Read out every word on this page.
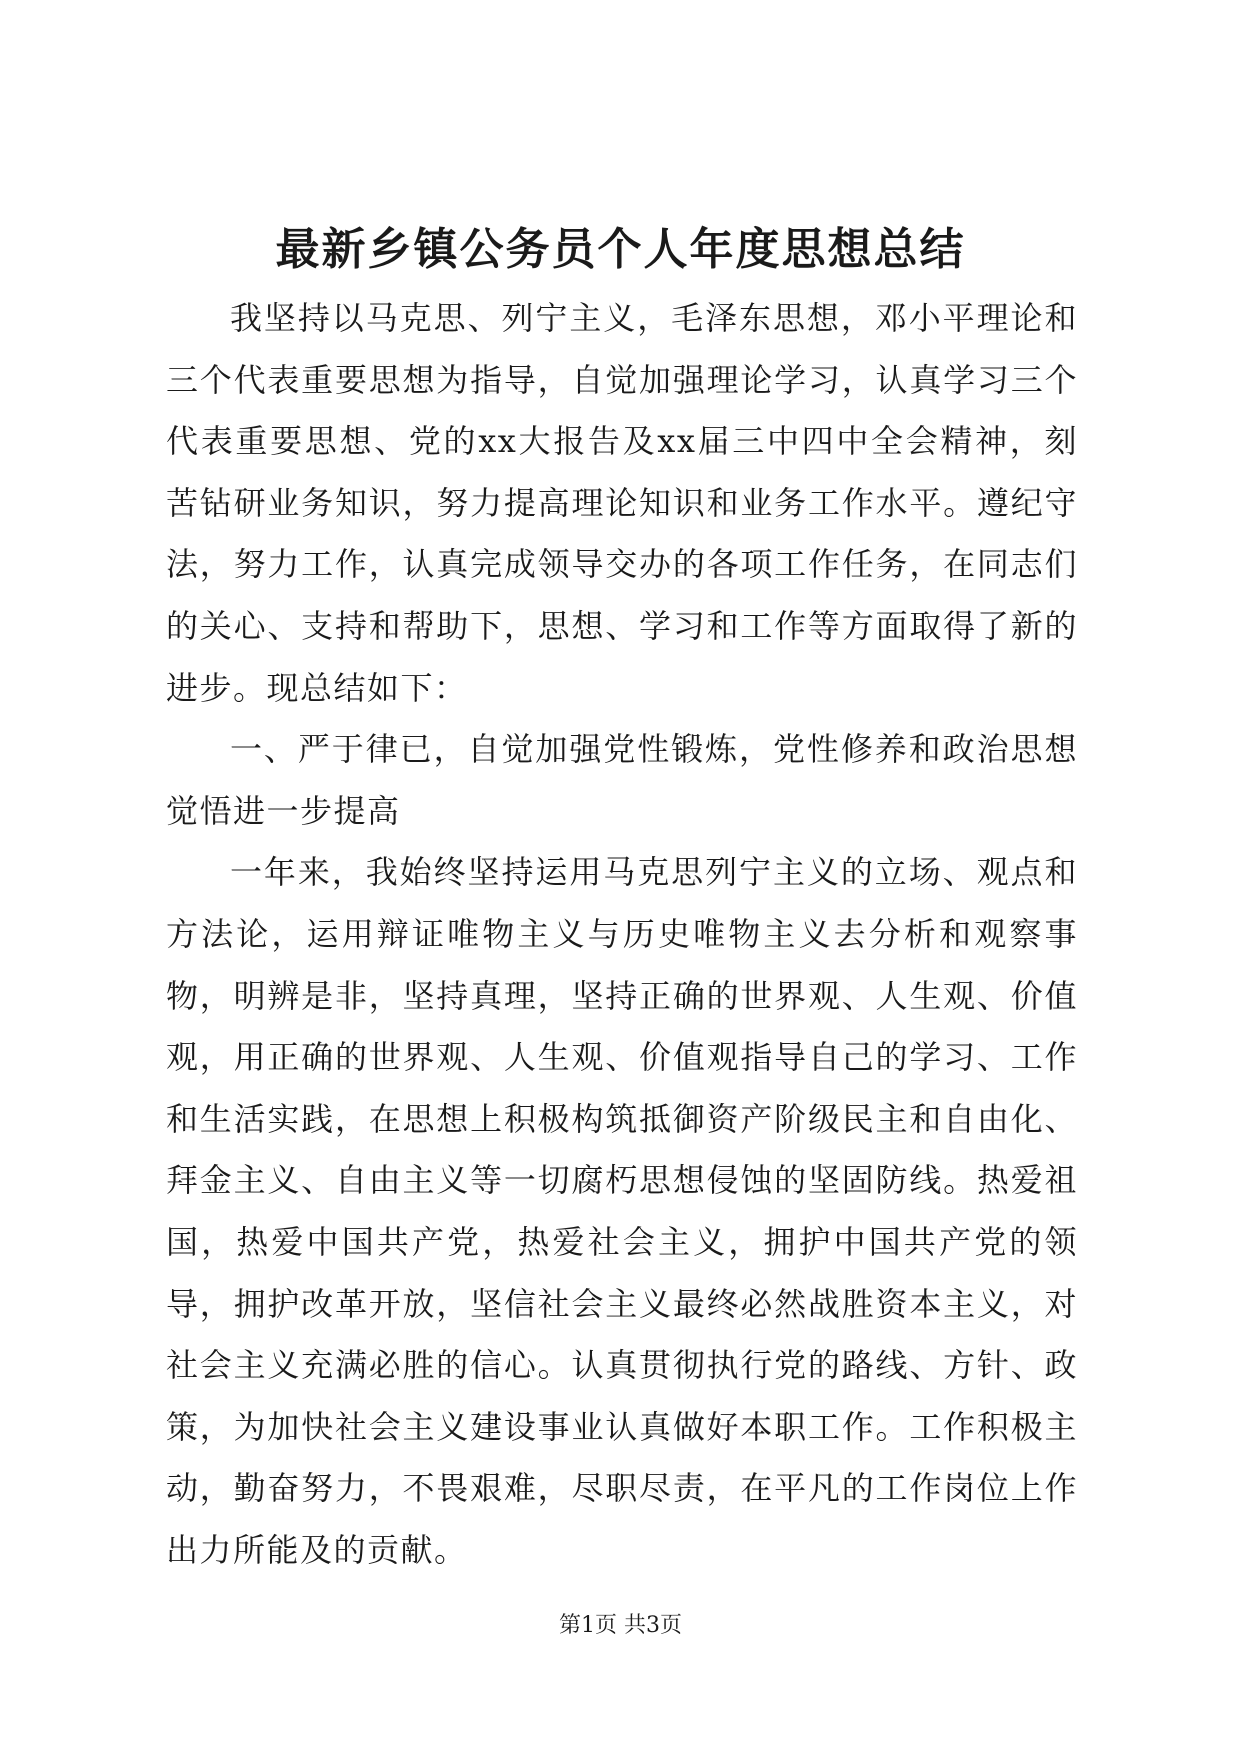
最新乡镇公务员个人年度思想总结

我坚持以马克思、列宁主义，毛泽东思想，邓小平理论和三个代表重要思想为指导，自觉加强理论学习，认真学习三个代表重要思想、党的xx大报告及xx届三中四中全会精神，刻苦钻研业务知识，努力提高理论知识和业务工作水平。遵纪守法，努力工作，认真完成领导交办的各项工作任务，在同志们的关心、支持和帮助下，思想、学习和工作等方面取得了新的进步。现总结如下：

一、严于律已，自觉加强党性锻炼，党性修养和政治思想觉悟进一步提高

一年来，我始终坚持运用马克思列宁主义的立场、观点和方法论，运用辩证唯物主义与历史唯物主义去分析和观察事物，明辨是非，坚持真理，坚持正确的世界观、人生观、价值观，用正确的世界观、人生观、价值观指导自己的学习、工作和生活实践，在思想上积极构筑抵御资产阶级民主和自由化、拜金主义、自由主义等一切腐朽思想侵蚀的坚固防线。热爱祖国，热爱中国共产党，热爱社会主义，拥护中国共产党的领导，拥护改革开放，坚信社会主义最终必然战胜资本主义，对社会主义充满必胜的信心。认真贯彻执行党的路线、方针、政策，为加快社会主义建设事业认真做好本职工作。工作积极主动，勤奋努力，不畏艰难，尽职尽责，在平凡的工作岗位上作出力所能及的贡献。

第1页 共3页
